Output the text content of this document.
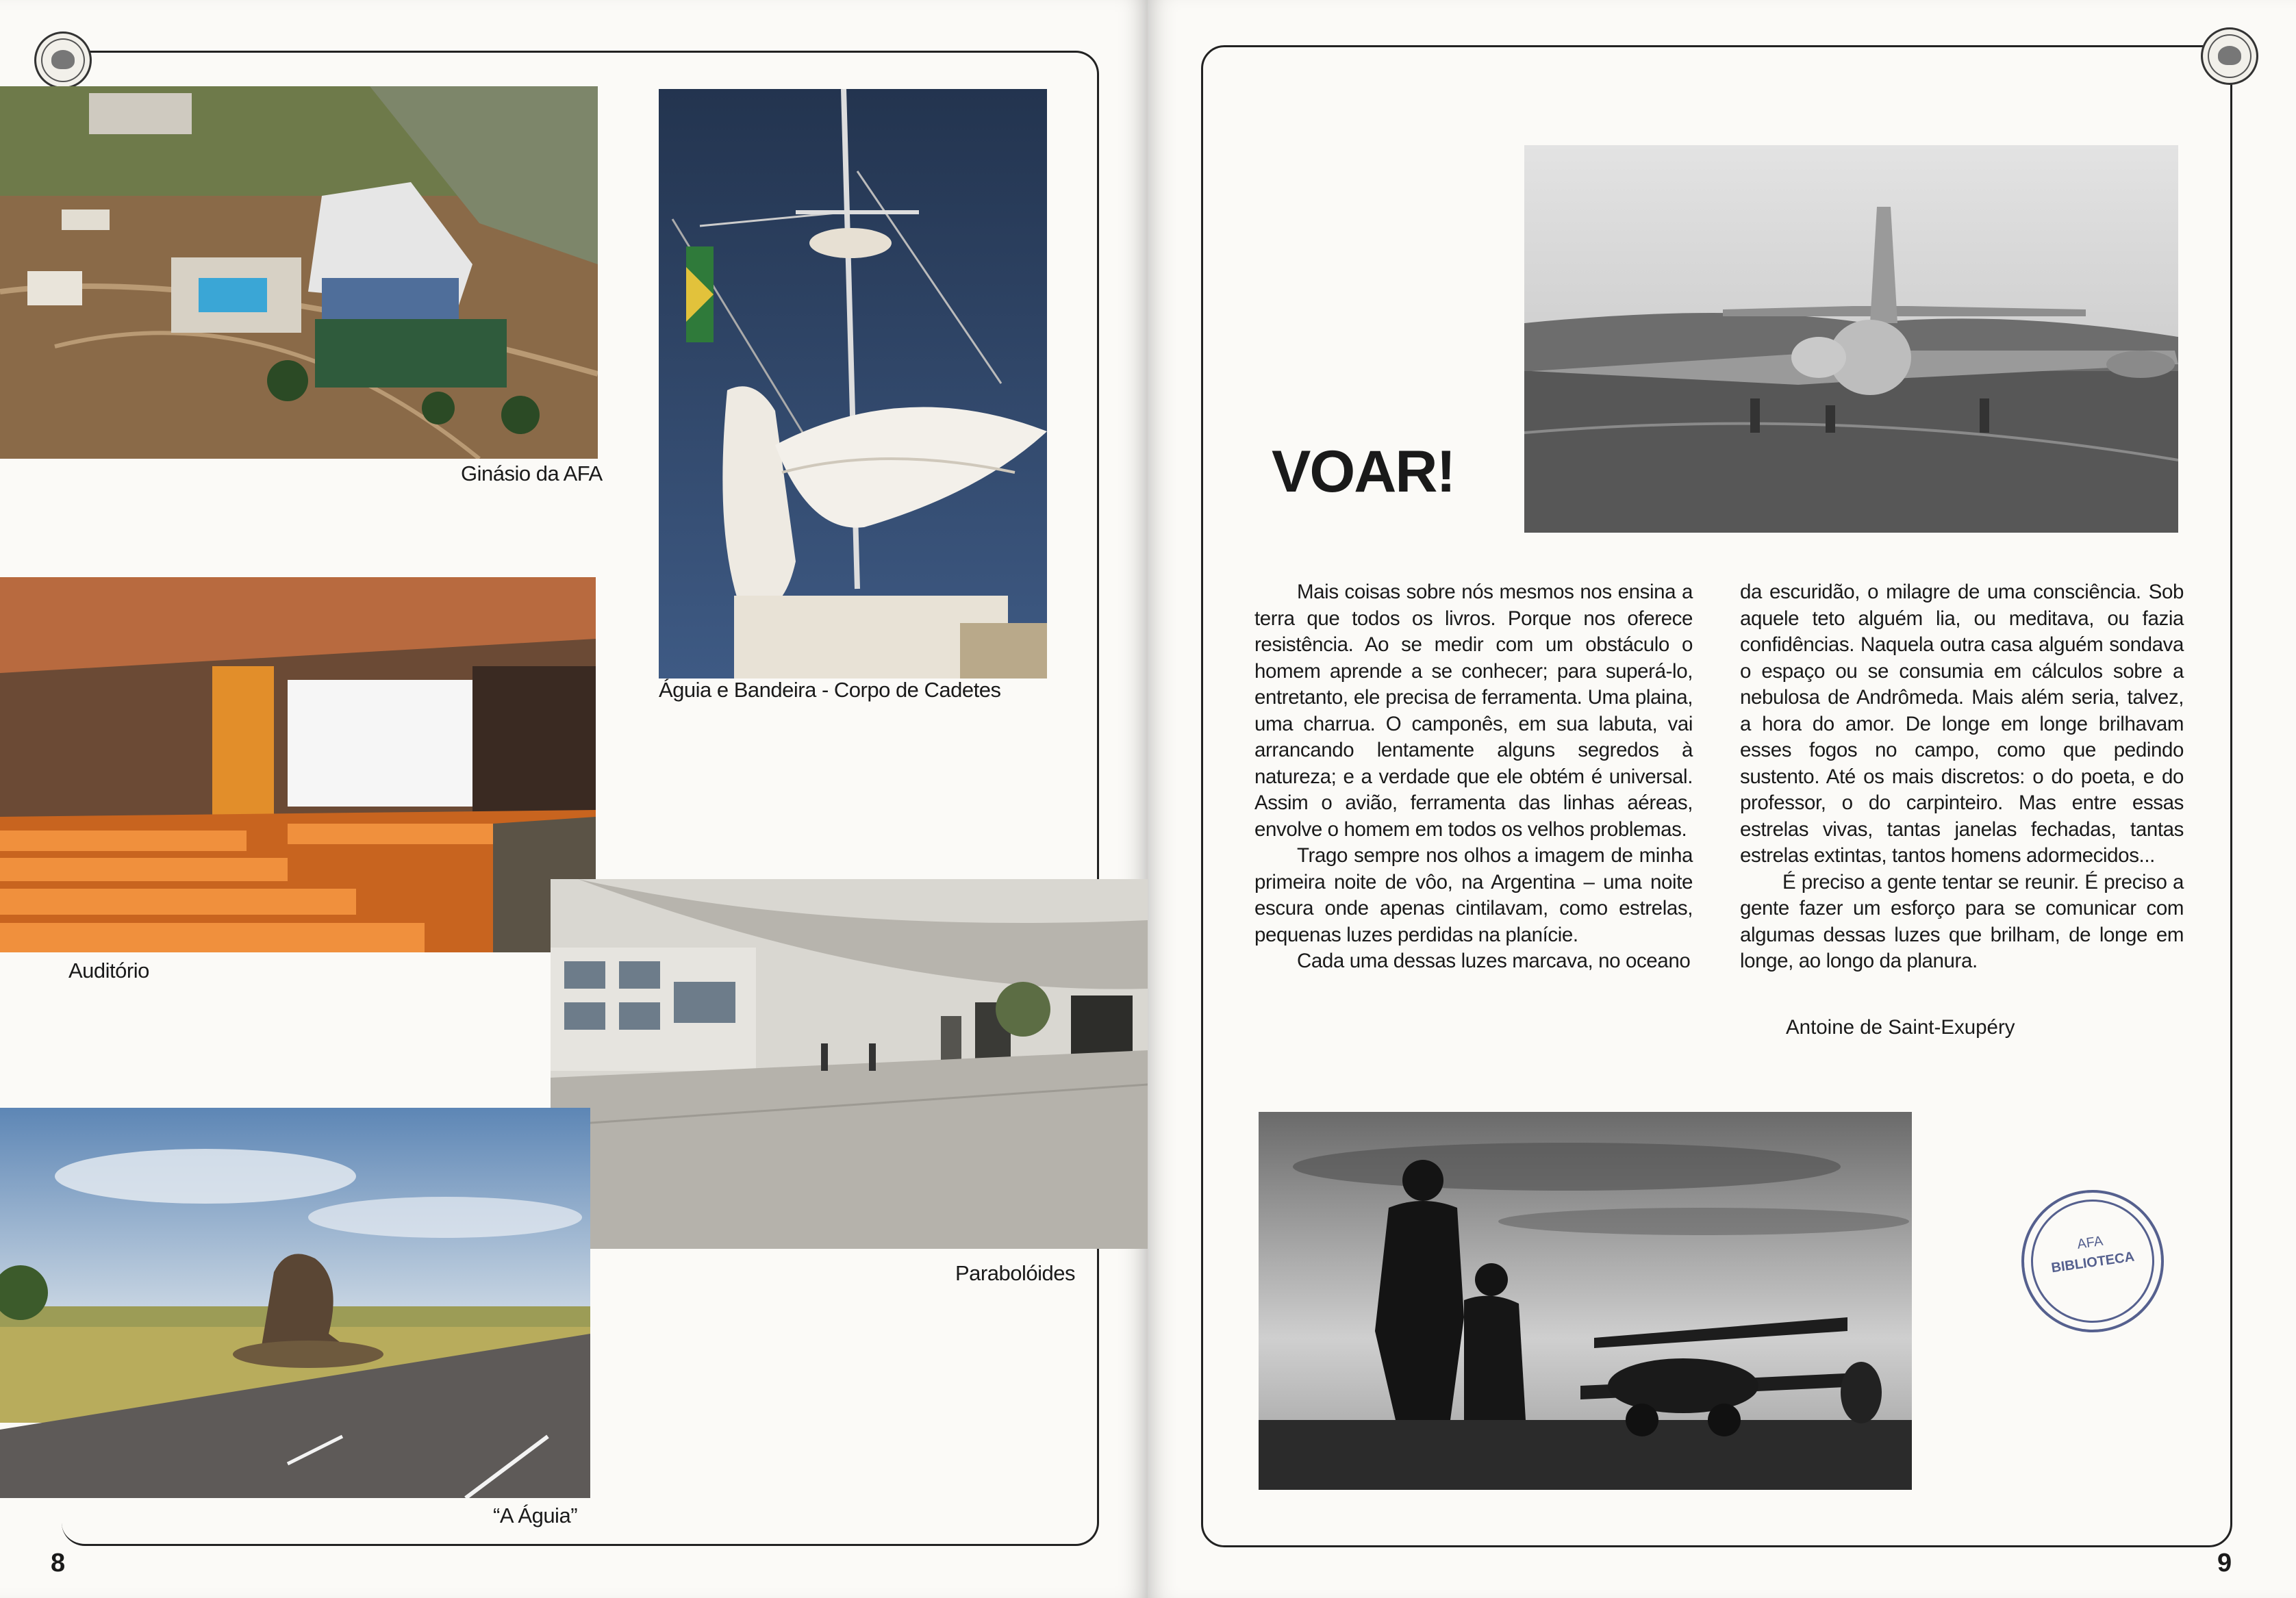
Ginásio da AFA
Águia e Bandeira - Corpo de Cadetes
Auditório
Parabolóides
“A Águia”
8
VOAR!

Mais coisas sobre nós mesmos nos ensina a terra que todos os livros. Porque nos oferece resistência. Ao se medir com um obstáculo o homem aprende a se conhecer; para superá-lo, entretanto, ele precisa de ferramenta. Uma plaina, uma charrua. O camponês, em sua labuta, vai arrancando lentamente alguns segredos à natureza; e a verdade que ele obtém é universal. Assim o avião, ferramenta das linhas aéreas, envolve o homem em todos os velhos problemas.

Trago sempre nos olhos a imagem de minha primeira noite de vôo, na Argentina – uma noite escura onde apenas cintilavam, como estrelas, pequenas luzes perdidas na planície.

Cada uma dessas luzes marcava, no oceano

da escuridão, o milagre de uma consciência. Sob aquele teto alguém lia, ou meditava, ou fazia confidências. Naquela outra casa alguém sondava o espaço ou se consumia em cálculos sobre a nebulosa de Andrômeda. Mais além seria, talvez, a hora do amor. De longe em longe brilhavam esses fogos no campo, como que pedindo sustento. Até os mais discretos: o do poeta, e do professor, o do carpinteiro. Mas entre essas estrelas vivas, tantas janelas fechadas, tantas estrelas extintas, tantos homens adormecidos...

É preciso a gente tentar se reunir. É preciso a gente fazer um esforço para se comunicar com algumas dessas luzes que brilham, de longe em longe, ao longo da planura.

Antoine de Saint-Exupéry
AFA
BIBLIOTECA
9
